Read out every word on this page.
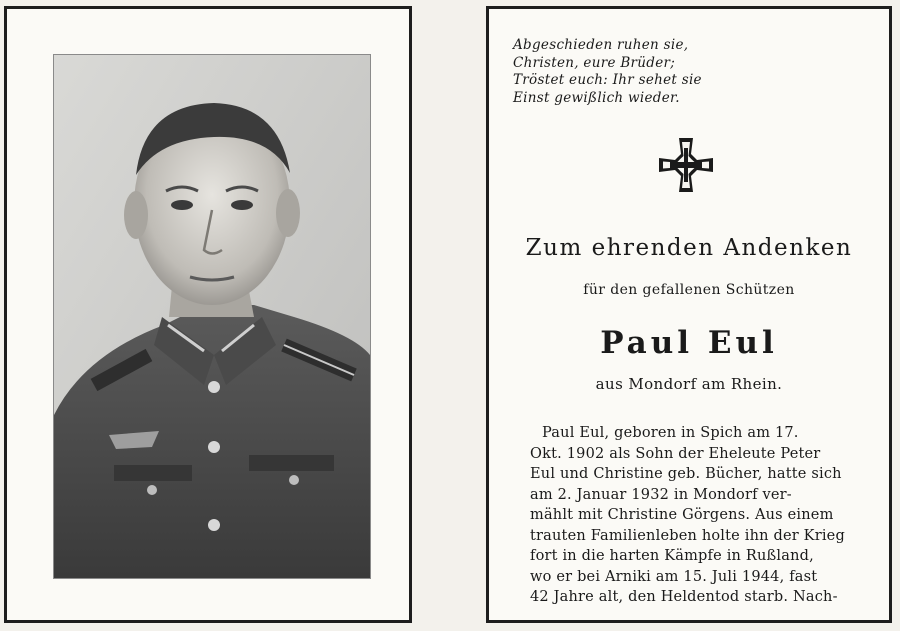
Abgeschieden ruhen sie,
Christen, eure Brüder;
Tröstet euch: Ihr sehet sie
Einst gewißlich wieder.
Zum ehrenden Andenken
für den gefallenen Schützen
Paul Eul
aus Mondorf am Rhein.
Paul Eul, geboren in Spich am 17.
Okt. 1902 als Sohn der Eheleute Peter
Eul und Christine geb. Bücher, hatte sich
am 2. Januar 1932 in Mondorf ver-
mählt mit Christine Görgens. Aus einem
trauten Familienleben holte ihn der Krieg
fort in die harten Kämpfe in Rußland,
wo er bei Arniki am 15. Juli 1944, fast
42 Jahre alt, den Heldentod starb. Nach-
